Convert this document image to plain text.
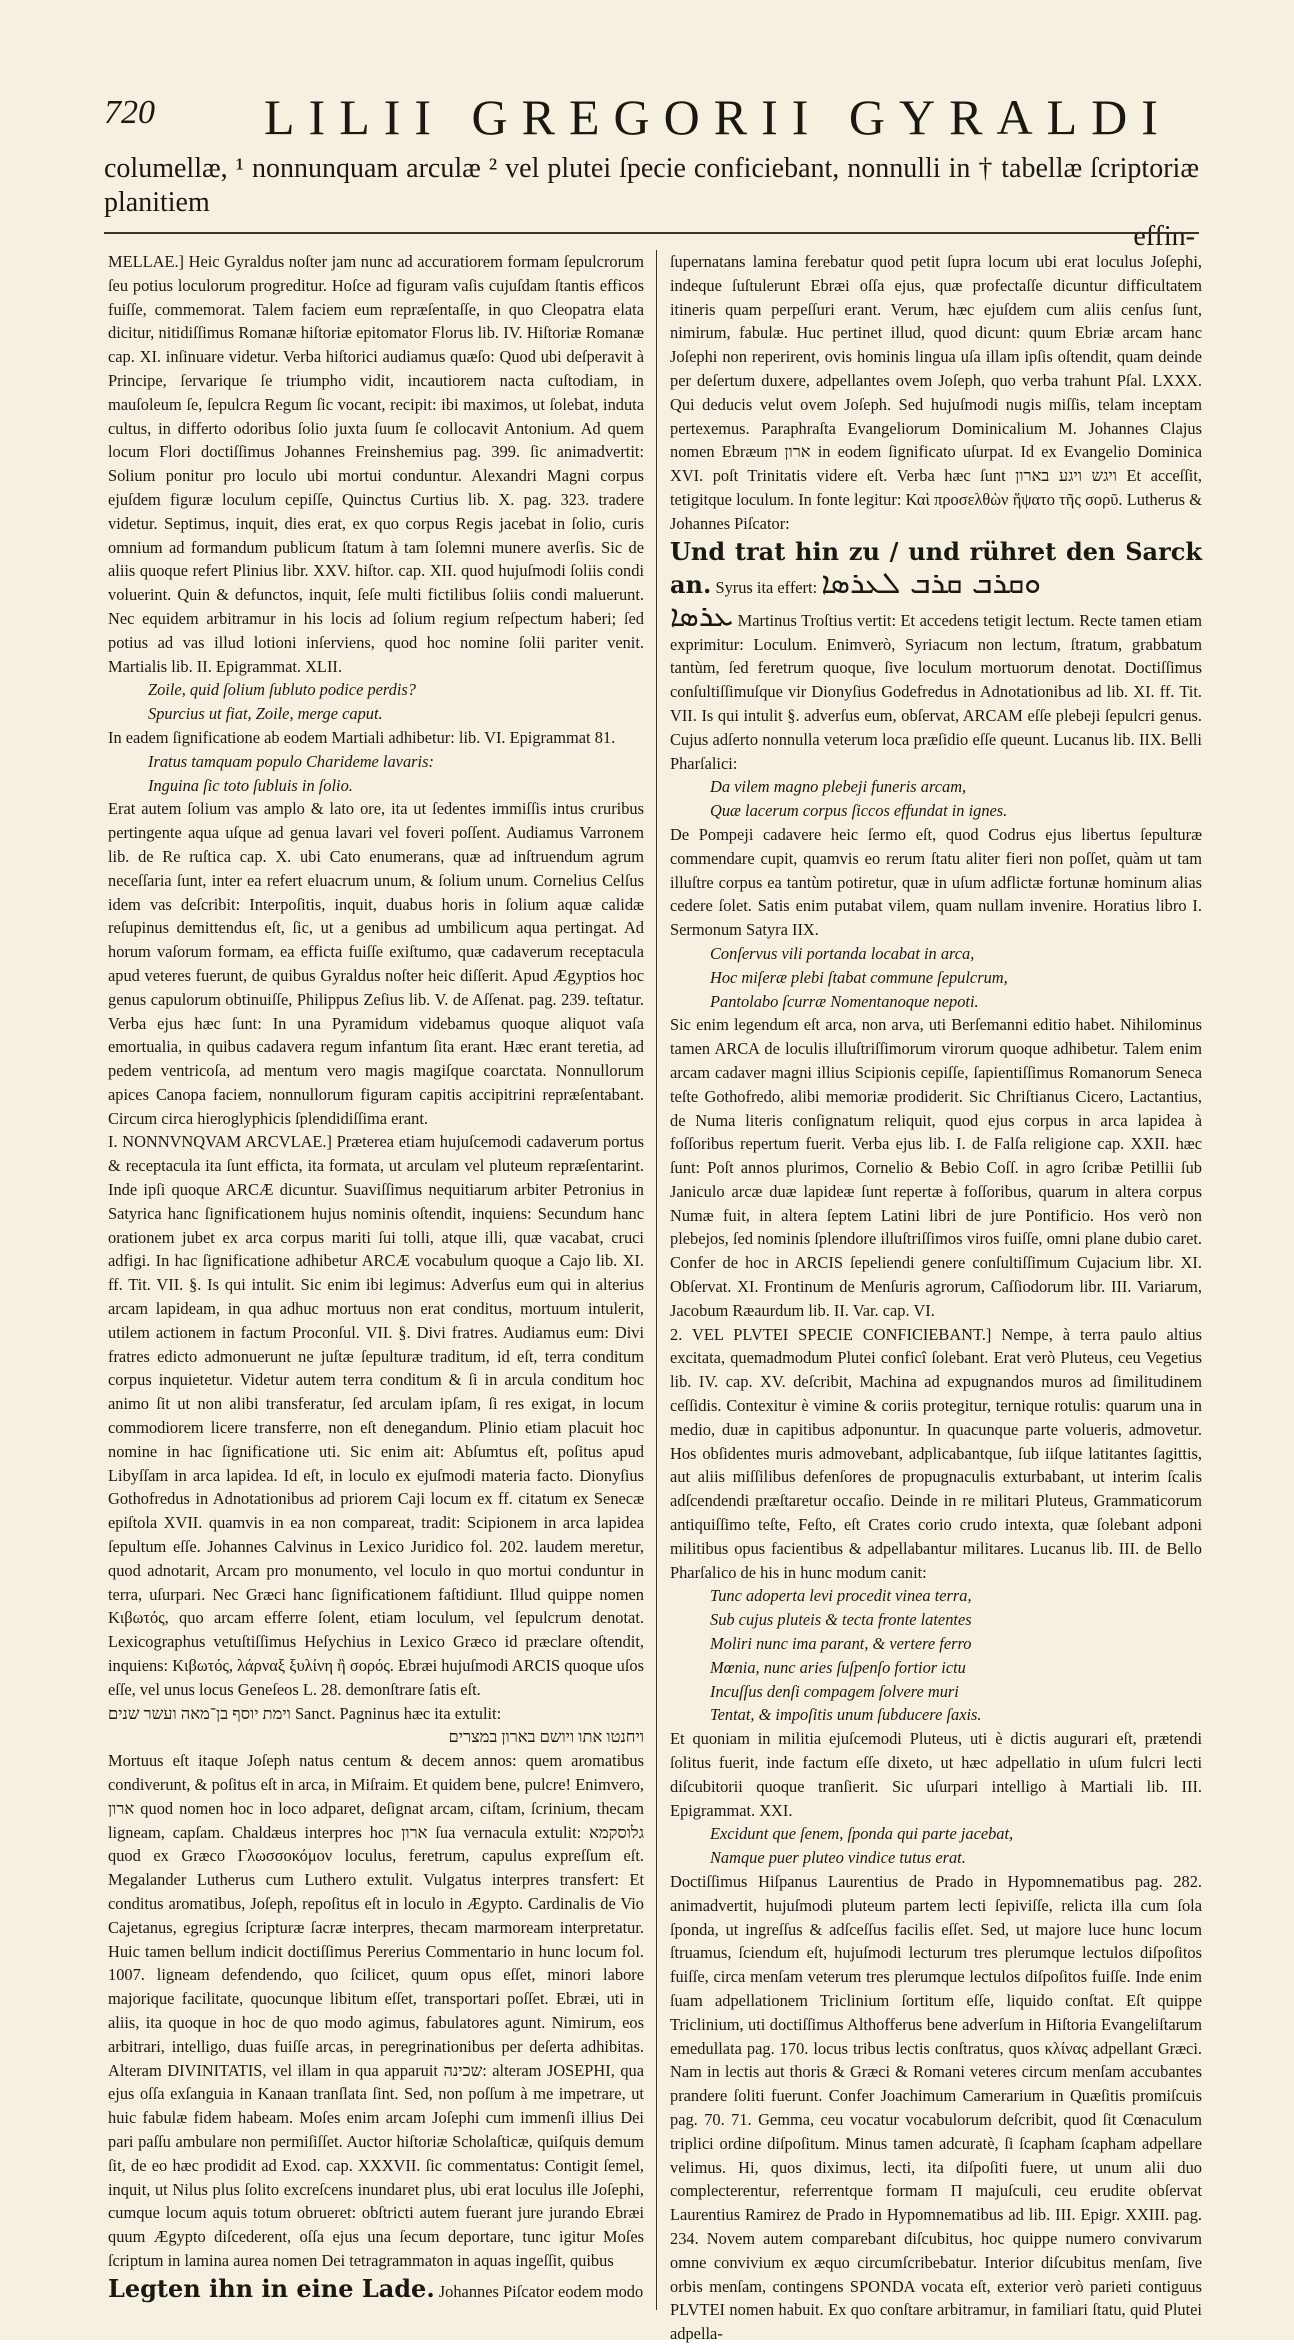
720 LILII GREGORII GYRALDI
columellæ, ¹ nonnunquam arculæ ² vel plutei ſpecie conficiebant, nonnulli in † tabellæ ſcriptoriæ planitiem
effin-

MELLAE.] Heic Gyraldus noſter jam nunc ad accuratiorem formam ſepulcrorum ſeu potius loculorum progreditur. Hoſce ad figuram vaſis cujuſdam ſtantis efficos fuiſſe, commemorat. Talem faciem eum repræſentaſſe, in quo Cleopatra elata dicitur, nitidiſſimus Romanæ hiſtoriæ epitomator Florus lib. IV. Hiſtoriæ Romanæ cap. XI. inſinuare videtur. Verba hiſtorici audiamus quæſo: Quod ubi deſperavit à Principe, ſervarique ſe triumpho vidit, incautiorem nacta cuſtodiam, in mauſoleum ſe, ſepulcra Regum ſic vocant, recipit: ibi maximos, ut ſolebat, induta cultus, in differto odoribus ſolio juxta ſuum ſe collocavit Antonium. Ad quem locum Flori doctiſſimus Johannes Freinshemius pag. 399. ſic animadvertit: Solium ponitur pro loculo ubi mortui conduntur. Alexandri Magni corpus ejuſdem figuræ loculum cepiſſe, Quinctus Curtius lib. X. pag. 323. tradere videtur. Septimus, inquit, dies erat, ex quo corpus Regis jacebat in ſolio, curis omnium ad formandum publicum ſtatum à tam ſolemni munere averſis. Sic de aliis quoque refert Plinius libr. XXV. hiſtor. cap. XII. quod hujuſmodi ſoliis condi voluerint. Quin & defunctos, inquit, ſeſe multi fictilibus ſoliis condi maluerunt. Nec equidem arbitramur in his locis ad ſolium regium reſpectum haberi; ſed potius ad vas illud lotioni inſerviens, quod hoc nomine ſolii pariter venit. Martialis lib. II. Epigrammat. XLII.

Zoile, quid ſolium ſubluto podice perdis?

Spurcius ut fiat, Zoile, merge caput.

In eadem ſignificatione ab eodem Martiali adhibetur: lib. VI. Epigrammat 81.

Iratus tamquam populo Charideme lavaris:

Inguina ſic toto ſubluis in ſolio.

Erat autem ſolium vas amplo & lato ore, ita ut ſedentes immiſſis intus cruribus pertingente aqua uſque ad genua lavari vel foveri poſſent. Audiamus Varronem lib. de Re ruſtica cap. X. ubi Cato enumerans, quæ ad inſtruendum agrum neceſſaria ſunt, inter ea refert eluacrum unum, & ſolium unum. Cornelius Celſus idem vas deſcribit: Interpoſitis, inquit, duabus horis in ſolium aquæ calidæ reſupinus demittendus eſt, ſic, ut a genibus ad umbilicum aqua pertingat. Ad horum vaſorum formam, ea efficta fuiſſe exiſtumo, quæ cadaverum receptacula apud veteres fuerunt, de quibus Gyraldus noſter heic diſſerit. Apud Ægyptios hoc genus capulorum obtinuiſſe, Philippus Zeſius lib. V. de Aſſenat. pag. 239. teſtatur. Verba ejus hæc ſunt: In una Pyramidum videbamus quoque aliquot vaſa emortualia, in quibus cadavera regum infantum ſita erant. Hæc erant teretia, ad pedem ventricoſa, ad mentum vero magis magiſque coarctata. Nonnullorum apices Canopa faciem, nonnullorum figuram capitis accipitrini repræſentabant. Circum circa hieroglyphicis ſplendidiſſima erant.

I. NONNVNQVAM ARCVLAE.] Præterea etiam hujuſcemodi cadaverum portus & receptacula ita ſunt efficta, ita formata, ut arculam vel pluteum repræſentarint. Inde ipſi quoque ARCÆ dicuntur. Suaviſſimus nequitiarum arbiter Petronius in Satyrica hanc ſignificationem hujus nominis oſtendit, inquiens: Secundum hanc orationem jubet ex arca corpus mariti ſui tolli, atque illi, quæ vacabat, cruci adfigi. In hac ſignificatione adhibetur ARCÆ vocabulum quoque a Cajo lib. XI. ff. Tit. VII. §. Is qui intulit. Sic enim ibi legimus: Adverſus eum qui in alterius arcam lapideam, in qua adhuc mortuus non erat conditus, mortuum intulerit, utilem actionem in factum Proconſul. VII. §. Divi fratres. Audiamus eum: Divi fratres edicto admonuerunt ne juſtæ ſepulturæ traditum, id eſt, terra conditum corpus inquietetur. Videtur autem terra conditum & ſi in arcula conditum hoc animo ſit ut non alibi transferatur, ſed arculam ipſam, ſi res exigat, in locum commodiorem licere transferre, non eſt denegandum. Plinio etiam placuit hoc nomine in hac ſignificatione uti. Sic enim ait: Abſumtus eſt, poſitus apud Libyſſam in arca lapidea. Id eſt, in loculo ex ejuſmodi materia facto. Dionyſius Gothofredus in Adnotationibus ad priorem Caji locum ex ff. citatum ex Senecæ epiſtola XVII. quamvis in ea non compareat, tradit: Scipionem in arca lapidea ſepultum eſſe. Johannes Calvinus in Lexico Juridico fol. 202. laudem meretur, quod adnotarit, Arcam pro monumento, vel loculo in quo mortui conduntur in terra, uſurpari. Nec Græci hanc ſignificationem faſtidiunt. Illud quippe nomen Κιβωτός, quo arcam efferre ſolent, etiam loculum, vel ſepulcrum denotat. Lexicographus vetuſtiſſimus Heſychius in Lexico Græco id præclare oſtendit, inquiens: Κιβωτός, λάρναξ ξυλίνη ἢ σορός. Ebræi hujuſmodi ARCIS quoque uſos eſſe, vel unus locus Geneſeos L. 28. demonſtrare ſatis eſt.

וימת יוסף בן־מאה ועשר שנים Sanct. Pagninus hæc ita extulit:

ויחנטו אתו ויושם בארון במצרים

Mortuus eſt itaque Joſeph natus centum & decem annos: quem aromatibus condiverunt, & poſitus eſt in arca, in Miſraim. Et quidem bene, pulcre! Enimvero, ארון quod nomen hoc in loco adparet, deſignat arcam, ciſtam, ſcrinium, thecam ligneam, capſam. Chaldæus interpres hoc ארון ſua vernacula extulit: גלוסקמא quod ex Græco Γλωσσοκόμον loculus, feretrum, capulus expreſſum eſt. Megalander Lutherus cum Luthero extulit. Vulgatus interpres transfert: Et conditus aromatibus, Joſeph, repoſitus eſt in loculo in Ægypto. Cardinalis de Vio Cajetanus, egregius ſcripturæ ſacræ interpres, thecam marmoream interpretatur. Huic tamen bellum indicit doctiſſimus Pererius Commentario in hunc locum fol. 1007. ligneam defendendo, quo ſcilicet, quum opus eſſet, minori labore majorique facilitate, quocunque libitum eſſet, transportari poſſet. Ebræi, uti in aliis, ita quoque in hoc de quo modo agimus, fabulatores agunt. Nimirum, eos arbitrari, intelligo, duas fuiſſe arcas, in peregrinationibus per deſerta adhibitas. Alteram DIVINITATIS, vel illam in qua apparuit שכינה: alteram JOSEPHI, qua ejus oſſa exſanguia in Kanaan tranſlata ſint. Sed, non poſſum à me impetrare, ut huic fabulæ fidem habeam. Moſes enim arcam Joſephi cum immenſi illius Dei pari paſſu ambulare non permiſiſſet. Auctor hiſtoriæ Scholaſticæ, quiſquis demum ſit, de eo hæc prodidit ad Exod. cap. XXXVII. ſic commentatus: Contigit ſemel, inquit, ut Nilus plus ſolito excreſcens inundaret plus, ubi erat loculus ille Joſephi, cumque locum aquis totum obrueret: obſtricti autem fuerant jure jurando Ebræi quum Ægypto diſcederent, oſſa ejus una ſecum deportare, tunc igitur Moſes ſcriptum in lamina aurea nomen Dei tetragrammaton in aquas ingeſſit, quibus

Legten ihn in eine Lade. Johannes Piſcator eodem modo

ſupernatans lamina ferebatur quod petit ſupra locum ubi erat loculus Joſephi, indeque ſuſtulerunt Ebræi oſſa ejus, quæ profectaſſe dicuntur difficultatem itineris quam perpeſſuri erant. Verum, hæc ejuſdem cum aliis cenſus ſunt, nimirum, fabulæ. Huc pertinet illud, quod dicunt: quum Ebriæ arcam hanc Joſephi non reperirent, ovis hominis lingua uſa illam ipſis oſtendit, quam deinde per deſertum duxere, adpellantes ovem Joſeph, quo verba trahunt Pſal. LXXX. Qui deducis velut ovem Joſeph. Sed hujuſmodi nugis miſſis, telam inceptam pertexemus. Paraphraſta Evangeliorum Dominicalium M. Johannes Clajus nomen Ebræum ארון in eodem ſignificato uſurpat. Id ex Evangelio Dominica XVI. poſt Trinitatis videre eſt. Verba hæc ſunt ויגש ויגע בארון Et acceſſit, tetigitque loculum. In fonte legitur: Καὶ προσελθὼν ἥψατο τῆς σορῦ. Lutherus & Johannes Piſcator:

Und trat hin zu / und rühret den Sarck an. Syrus ita effert: ܘܩܪܒ ܩܪܒ ܠܥܪܣܐ

ܥܪܣܐ Martinus Troſtius vertit: Et accedens tetigit lectum. Recte tamen etiam exprimitur: Loculum. Enimverò, Syriacum non lectum, ſtratum, grabbatum tantùm, ſed feretrum quoque, ſive loculum mortuorum denotat. Doctiſſimus conſultiſſimuſque vir Dionyſius Godefredus in Adnotationibus ad lib. XI. ff. Tit. VII. Is qui intulit §. adverſus eum, obſervat, ARCAM eſſe plebeji ſepulcri genus. Cujus adſerto nonnulla veterum loca præſidio eſſe queunt. Lucanus lib. IIX. Belli Pharſalici:

Da vilem magno plebeji funeris arcam,

Quæ lacerum corpus ſiccos effundat in ignes.

De Pompeji cadavere heic ſermo eſt, quod Codrus ejus libertus ſepulturæ commendare cupit, quamvis eo rerum ſtatu aliter fieri non poſſet, quàm ut tam illuſtre corpus ea tantùm potiretur, quæ in uſum adflictæ fortunæ hominum alias cedere ſolet. Satis enim putabat vilem, quam nullam invenire. Horatius libro I. Sermonum Satyra IIX.

Conſervus vili portanda locabat in arca,

Hoc miſeræ plebi ſtabat commune ſepulcrum,

Pantolabo ſcurræ Nomentanoque nepoti.

Sic enim legendum eſt arca, non arva, uti Berſemanni editio habet. Nihilominus tamen ARCA de loculis illuſtriſſimorum virorum quoque adhibetur. Talem enim arcam cadaver magni illius Scipionis cepiſſe, ſapientiſſimus Romanorum Seneca teſte Gothofredo, alibi memoriæ prodiderit. Sic Chriſtianus Cicero, Lactantius, de Numa literis conſignatum reliquit, quod ejus corpus in arca lapidea à foſſoribus repertum fuerit. Verba ejus lib. I. de Falſa religione cap. XXII. hæc ſunt: Poſt annos plurimos, Cornelio & Bebio Coſſ. in agro ſcribæ Petillii ſub Janiculo arcæ duæ lapideæ ſunt repertæ à foſſoribus, quarum in altera corpus Numæ fuit, in altera ſeptem Latini libri de jure Pontificio. Hos verò non plebejos, ſed nominis ſplendore illuſtriſſimos viros fuiſſe, omni plane dubio caret. Confer de hoc in ARCIS ſepeliendi genere conſultiſſimum Cujacium libr. XI. Obſervat. XI. Frontinum de Menſuris agrorum, Caſſiodorum libr. III. Variarum, Jacobum Ræaurdum lib. II. Var. cap. VI.

2. VEL PLVTEI SPECIE CONFICIEBANT.] Nempe, à terra paulo altius excitata, quemadmodum Plutei conficî ſolebant. Erat verò Pluteus, ceu Vegetius lib. IV. cap. XV. deſcribit, Machina ad expugnandos muros ad ſimilitudinem ceſſidis. Contexitur è vimine & coriis protegitur, ternique rotulis: quarum una in medio, duæ in capitibus adponuntur. In quacunque parte volueris, admovetur. Hos obſidentes muris admovebant, adplicabantque, ſub iiſque latitantes ſagittis, aut aliis miſſilibus defenſores de propugnaculis exturbabant, ut interim ſcalis adſcendendi præſtaretur occaſio. Deinde in re militari Pluteus, Grammaticorum antiquiſſimo teſte, Feſto, eſt Crates corio crudo intexta, quæ ſolebant adponi militibus opus facientibus & adpellabantur militares. Lucanus lib. III. de Bello Pharſalico de his in hunc modum canit:

Tunc adoperta levi procedit vinea terra,

Sub cujus pluteis & tecta fronte latentes

Moliri nunc ima parant, & vertere ferro

Mœnia, nunc aries ſuſpenſo fortior ictu

Incuſſus denſi compagem ſolvere muri

Tentat, & impoſitis unum ſubducere ſaxis.

Et quoniam in militia ejuſcemodi Pluteus, uti è dictis augurari eſt, prætendi ſolitus fuerit, inde factum eſſe dixeto, ut hæc adpellatio in uſum fulcri lecti diſcubitorii quoque tranſierit. Sic uſurpari intelligo à Martiali lib. III. Epigrammat. XXI.

Excidunt que ſenem, ſponda qui parte jacebat,

Namque puer pluteo vindice tutus erat.

Doctiſſimus Hiſpanus Laurentius de Prado in Hypomnematibus pag. 282. animadvertit, hujuſmodi pluteum partem lecti ſepiviſſe, relicta illa cum ſola ſponda, ut ingreſſus & adſceſſus facilis eſſet. Sed, ut majore luce hunc locum ſtruamus, ſciendum eſt, hujuſmodi lecturum tres plerumque lectulos diſpoſitos fuiſſe, circa menſam veterum tres plerumque lectulos diſpoſitos fuiſſe. Inde enim ſuam adpellationem Triclinium ſortitum eſſe, liquido conſtat. Eſt quippe Triclinium, uti doctiſſimus Althofferus bene adverſum in Hiſtoria Evangeliſtarum emedullata pag. 170. locus tribus lectis conſtratus, quos κλίνας adpellant Græci. Nam in lectis aut thoris & Græci & Romani veteres circum menſam accubantes prandere ſoliti fuerunt. Confer Joachimum Camerarium in Quæſitis promiſcuis pag. 70. 71. Gemma, ceu vocatur vocabulorum deſcribit, quod ſit Cœnaculum triplici ordine diſpoſitum. Minus tamen adcuratè, ſi ſcapham ſcapham adpellare velimus. Hi, quos diximus, lecti, ita diſpoſiti fuere, ut unum alii duo complecterentur, referrentque formam Π majuſculi, ceu erudite obſervat Laurentius Ramirez de Prado in Hypomnematibus ad lib. III. Epigr. XXIII. pag. 234. Novem autem comparebant diſcubitus, hoc quippe numero convivarum omne convivium ex æquo circumſcribebatur. Interior diſcubitus menſam, ſive orbis menſam, contingens SPONDA vocata eſt, exterior verò parieti contiguus PLVTEI nomen habuit. Ex quo conſtare arbitramur, in familiari ſtatu, quid Plutei adpella-
